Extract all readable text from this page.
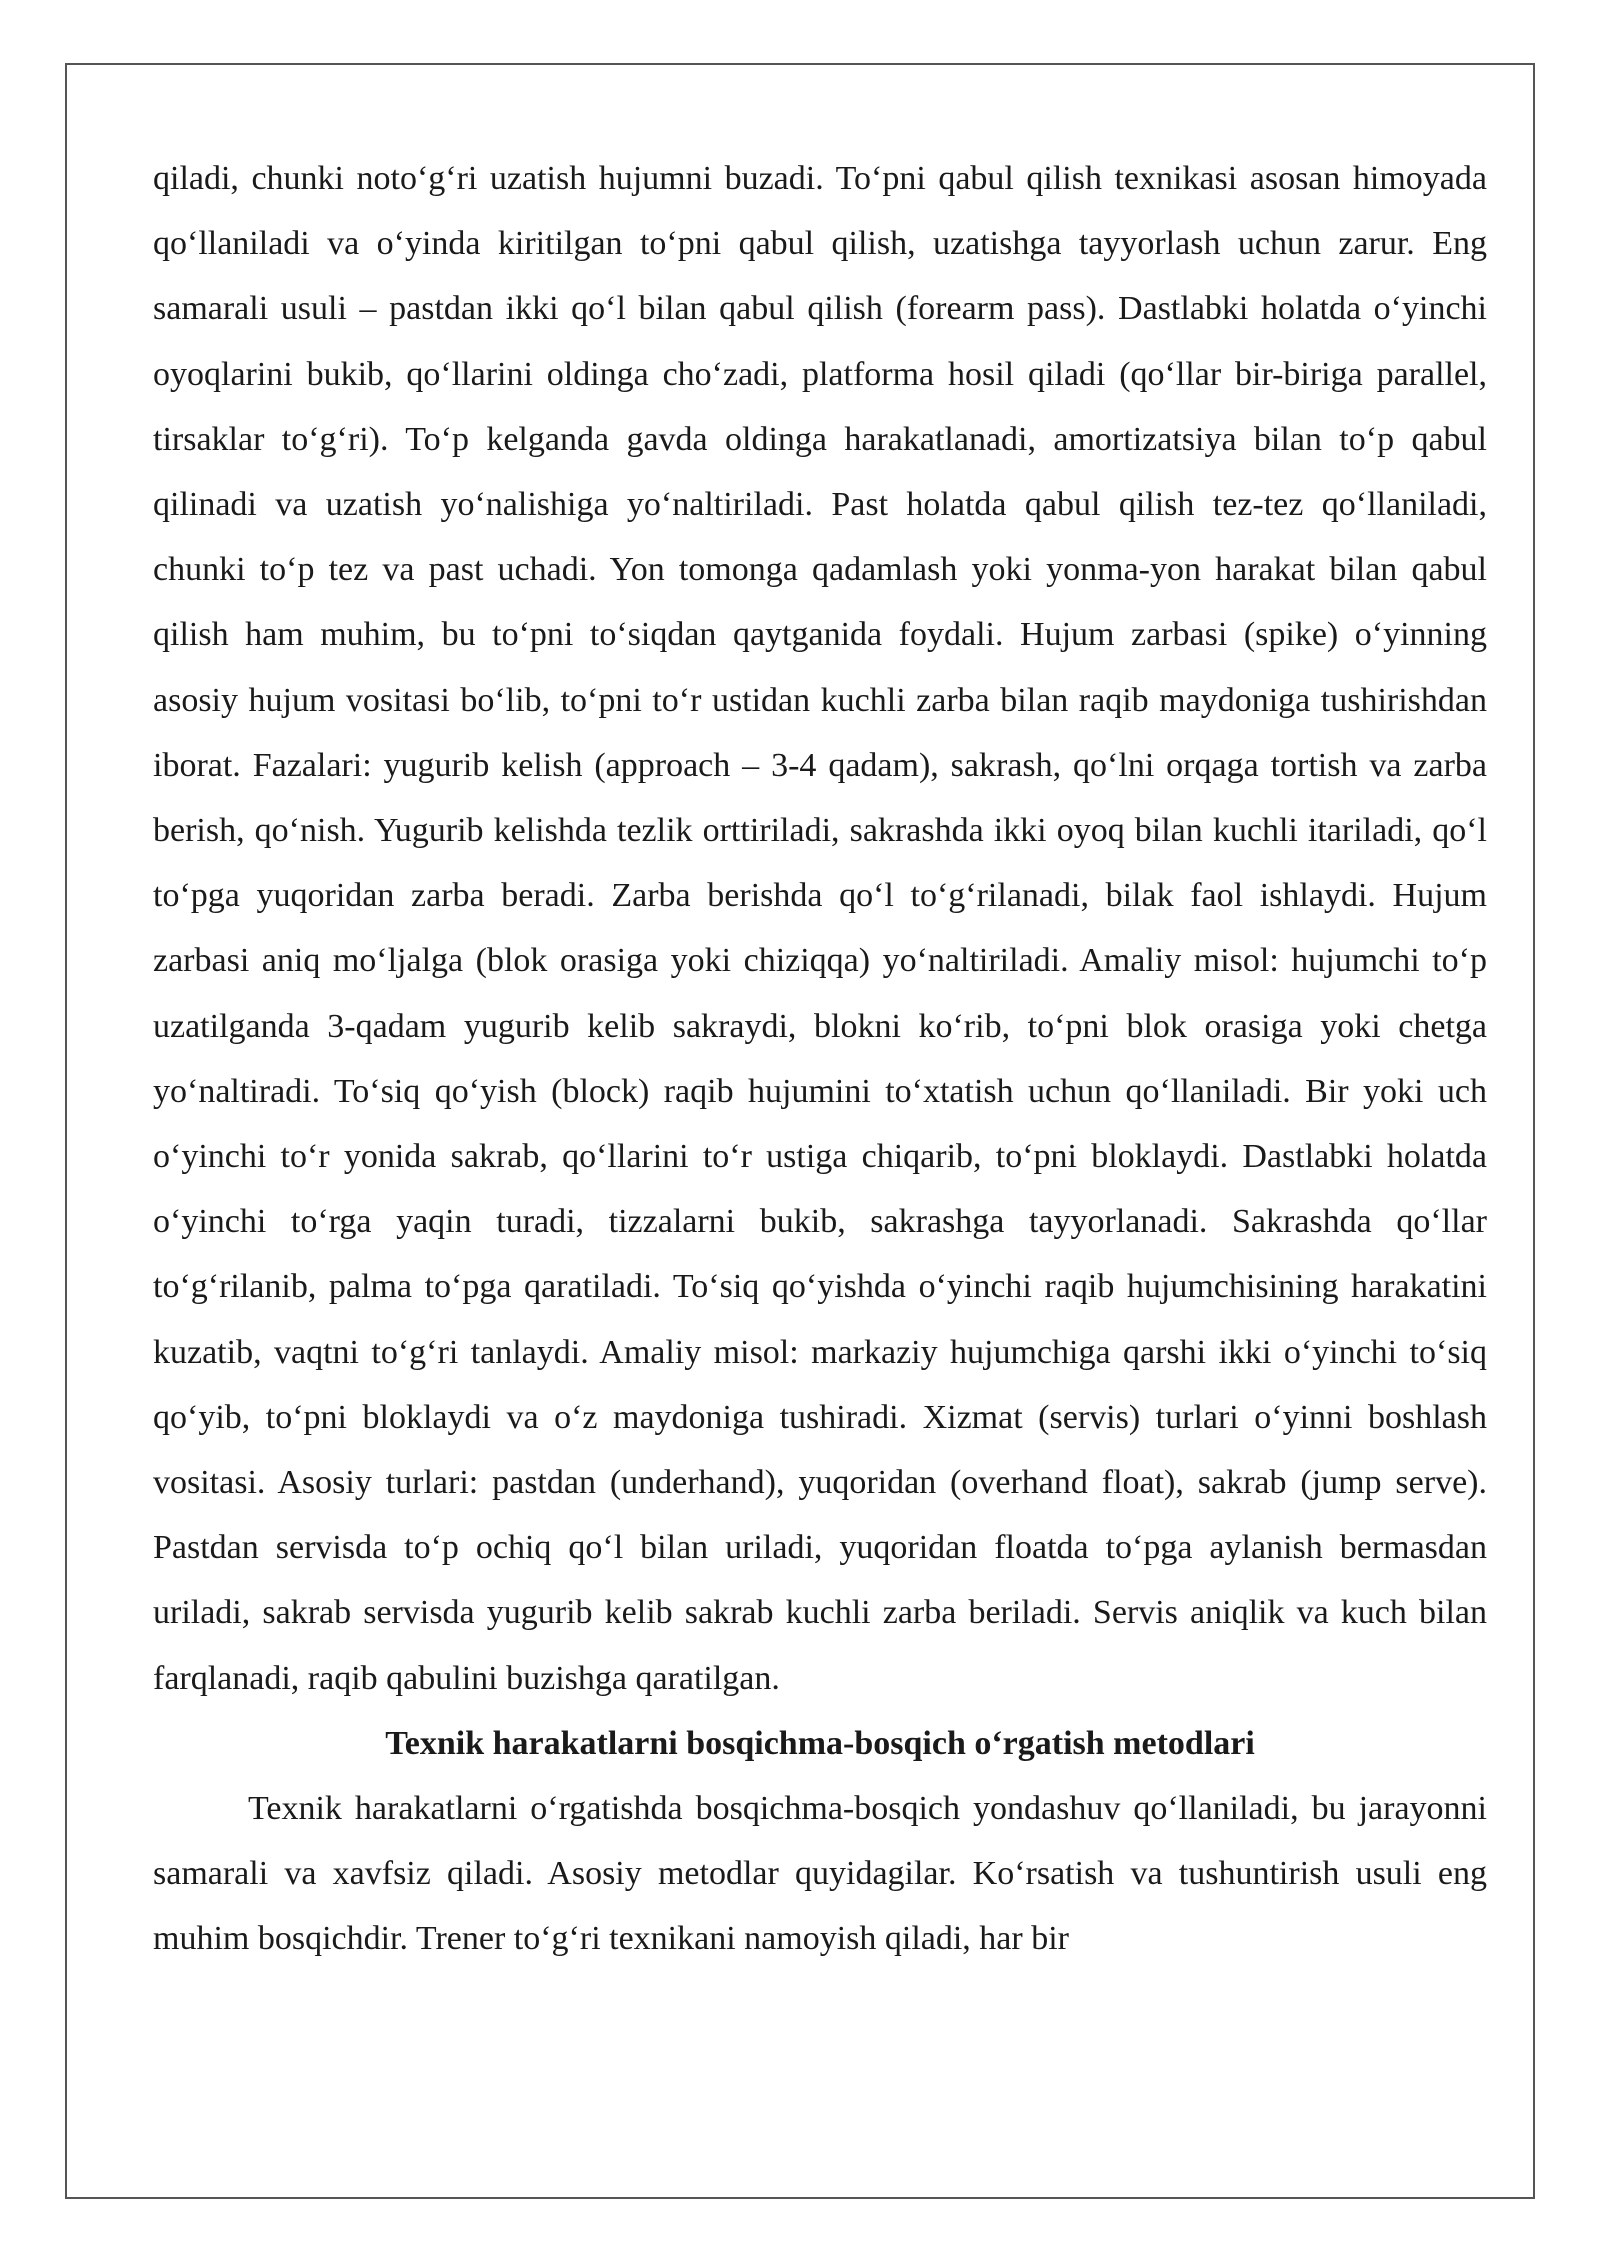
qiladi, chunki noto‘g‘ri uzatish hujumni buzadi. To‘pni qabul qilish texnikasi asosan himoyada qo‘llaniladi va o‘yinda kiritilgan to‘pni qabul qilish, uzatishga tayyorlash uchun zarur. Eng samarali usuli – pastdan ikki qo‘l bilan qabul qilish (forearm pass). Dastlabki holatda o‘yinchi oyoqlarini bukib, qo‘llarini oldinga cho‘zadi, platforma hosil qiladi (qo‘llar bir-biriga parallel, tirsaklar to‘g‘ri). To‘p kelganda gavda oldinga harakatlanadi, amortizatsiya bilan to‘p qabul qilinadi va uzatish yo‘nalishiga yo‘naltiriladi. Past holatda qabul qilish tez-tez qo‘llaniladi, chunki to‘p tez va past uchadi. Yon tomonga qadamlash yoki yonma-yon harakat bilan qabul qilish ham muhim, bu to‘pni to‘siqdan qaytganida foydali. Hujum zarbasi (spike) o‘yinning asosiy hujum vositasi bo‘lib, to‘pni to‘r ustidan kuchli zarba bilan raqib maydoniga tushirishdan iborat. Fazalari: yugurib kelish (approach – 3-4 qadam), sakrash, qo‘lni orqaga tortish va zarba berish, qo‘nish. Yugurib kelishda tezlik orttiriladi, sakrashda ikki oyoq bilan kuchli itariladi, qo‘l to‘pga yuqoridan zarba beradi. Zarba berishda qo‘l to‘g‘rilanadi, bilak faol ishlaydi. Hujum zarbasi aniq mo‘ljalga (blok orasiga yoki chiziqqa) yo‘naltiriladi. Amaliy misol: hujumchi to‘p uzatilganda 3-qadam yugurib kelib sakraydi, blokni ko‘rib, to‘pni blok orasiga yoki chetga yo‘naltiradi. To‘siq qo‘yish (block) raqib hujumini to‘xtatish uchun qo‘llaniladi. Bir yoki uch o‘yinchi to‘r yonida sakrab, qo‘llarini to‘r ustiga chiqarib, to‘pni bloklaydi. Dastlabki holatda o‘yinchi to‘rga yaqin turadi, tizzalarni bukib, sakrashga tayyorlanadi. Sakrashda qo‘llar to‘g‘rilanib, palma to‘pga qaratiladi. To‘siq qo‘yishda o‘yinchi raqib hujumchisining harakatini kuzatib, vaqtni to‘g‘ri tanlaydi. Amaliy misol: markaziy hujumchiga qarshi ikki o‘yinchi to‘siq qo‘yib, to‘pni bloklaydi va o‘z maydoniga tushiradi. Xizmat (servis) turlari o‘yinni boshlash vositasi. Asosiy turlari: pastdan (underhand), yuqoridan (overhand float), sakrab (jump serve). Pastdan servisda to‘p ochiq qo‘l bilan uriladi, yuqoridan floatda to‘pga aylanish bermasdan uriladi, sakrab servisda yugurib kelib sakrab kuchli zarba beriladi. Servis aniqlik va kuch bilan farqlanadi, raqib qabulini buzishga qaratilgan.

Texnik harakatlarni bosqichma-bosqich o‘rgatish metodlari

Texnik harakatlarni o‘rgatishda bosqichma-bosqich yondashuv qo‘llaniladi, bu jarayonni samarali va xavfsiz qiladi. Asosiy metodlar quyidagilar. Ko‘rsatish va tushuntirish usuli eng muhim bosqichdir. Trener to‘g‘ri texnikani namoyish qiladi, har bir
